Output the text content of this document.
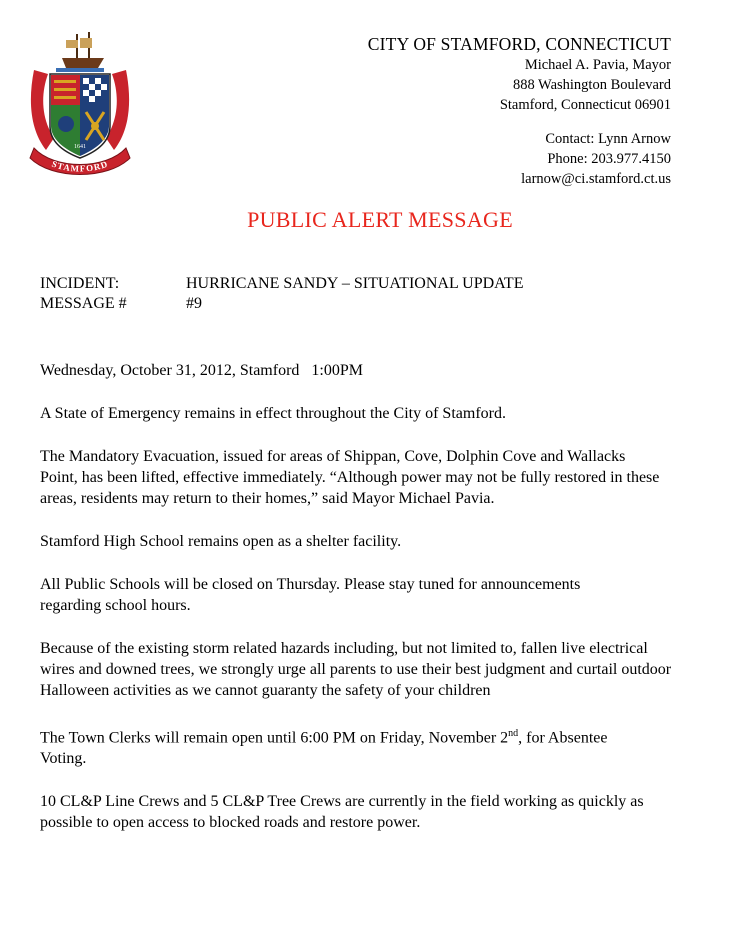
1641
STAMFORD
CITY OF STAMFORD, CONNECTICUT
Michael A. Pavia, Mayor
888 Washington Boulevard
Stamford, Connecticut 06901
Contact: Lynn Arnow
Phone: 203.977.4150
larnow@ci.stamford.ct.us
PUBLIC ALERT MESSAGE
INCIDENT:	HURRICANE SANDY – SITUATIONAL UPDATE
MESSAGE #	#9

Wednesday, October 31, 2012, Stamford   1:00PM

A State of Emergency remains in effect throughout the City of Stamford.

The Mandatory Evacuation, issued for areas of Shippan, Cove, Dolphin Cove and Wallacks Point, has been lifted, effective immediately. “Although power may not be fully restored in these areas, residents may return to their homes,” said Mayor Michael Pavia.

Stamford High School remains open as a shelter facility.

All Public Schools will be closed on Thursday. Please stay tuned for announcements regarding school hours.

Because of the existing storm related hazards including, but not limited to, fallen live electrical wires and downed trees, we strongly urge all parents to use their best judgment and curtail outdoor Halloween activities as we cannot guaranty the safety of your children

The Town Clerks will remain open until 6:00 PM on Friday, November 2nd, for Absentee Voting.

10 CL&P Line Crews and 5 CL&P Tree Crews are currently in the field working as quickly as possible to open access to blocked roads and restore power.
